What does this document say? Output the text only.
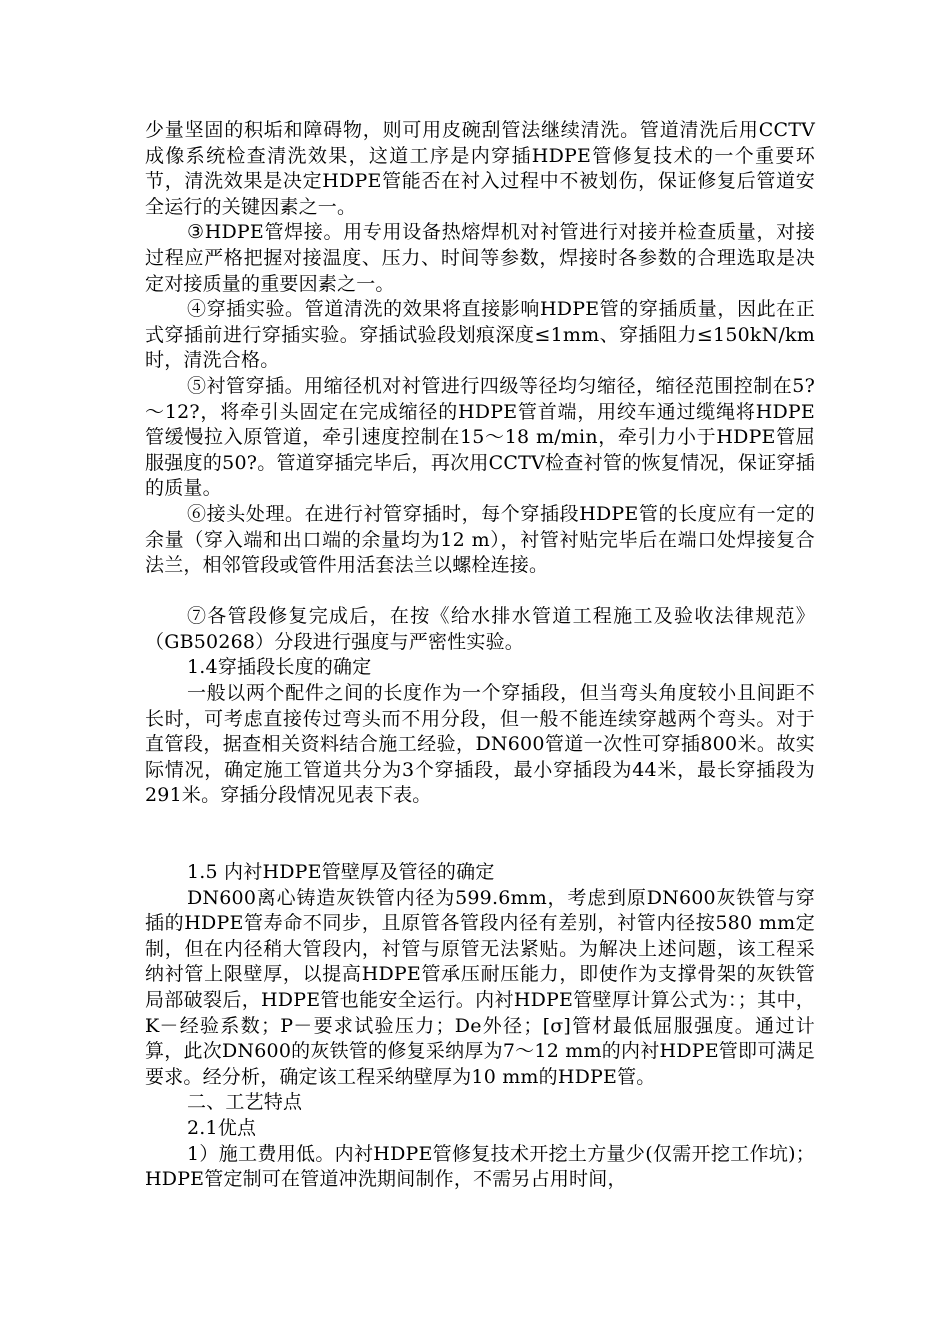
少量坚固的积垢和障碍物，则可用皮碗刮管法继续清洗。管道清洗后用CCTV成像系统检查清洗效果，这道工序是内穿插HDPE管修复技术的一个重要环节，清洗效果是决定HDPE管能否在衬入过程中不被划伤，保证修复后管道安全运行的关键因素之一。

③HDPE管焊接。用专用设备热熔焊机对衬管进行对接并检查质量，对接过程应严格把握对接温度、压力、时间等参数，焊接时各参数的合理选取是决定对接质量的重要因素之一。

④穿插实验。管道清洗的效果将直接影响HDPE管的穿插质量，因此在正式穿插前进行穿插实验。穿插试验段划痕深度≤1mm、穿插阻力≤150kN/km时，清洗合格。

⑤衬管穿插。用缩径机对衬管进行四级等径均匀缩径，缩径范围控制在5?～12?，将牵引头固定在完成缩径的HDPE管首端，用绞车通过缆绳将HDPE管缓慢拉入原管道，牵引速度控制在15～18 m/min，牵引力小于HDPE管屈服强度的50?。管道穿插完毕后，再次用CCTV检查衬管的恢复情况，保证穿插的质量。

⑥接头处理。在进行衬管穿插时，每个穿插段HDPE管的长度应有一定的余量（穿入端和出口端的余量均为12 m），衬管衬贴完毕后在端口处焊接复合法兰，相邻管段或管件用活套法兰以螺栓连接。

⑦各管段修复完成后，在按《给水排水管道工程施工及验收法律规范》（GB50268）分段进行强度与严密性实验。

1.4穿插段长度的确定

一般以两个配件之间的长度作为一个穿插段，但当弯头角度较小且间距不长时，可考虑直接传过弯头而不用分段，但一般不能连续穿越两个弯头。对于直管段，据查相关资料结合施工经验，DN600管道一次性可穿插800米。故实际情况，确定施工管道共分为3个穿插段，最小穿插段为44米，最长穿插段为291米。穿插分段情况见表下表。

1.5 内衬HDPE管壁厚及管径的确定

DN600离心铸造灰铁管内径为599.6mm，考虑到原DN600灰铁管与穿插的HDPE管寿命不同步，且原管各管段内径有差别，衬管内径按580 mm定制，但在内径稍大管段内，衬管与原管无法紧贴。为解决上述问题，该工程采纳衬管上限壁厚，以提高HDPE管承压耐压能力，即使作为支撑骨架的灰铁管局部破裂后，HDPE管也能安全运行。内衬HDPE管壁厚计算公式为：；其中，K－经验系数；P－要求试验压力；De外径；[σ]管材最低屈服强度。通过计算，此次DN600的灰铁管的修复采纳厚为7～12 mm的内衬HDPE管即可满足要求。经分析，确定该工程采纳壁厚为10 mm的HDPE管。

二、工艺特点

2.1优点

1）施工费用低。内衬HDPE管修复技术开挖土方量少(仅需开挖工作坑)；HDPE管定制可在管道冲洗期间制作，不需另占用时间，
